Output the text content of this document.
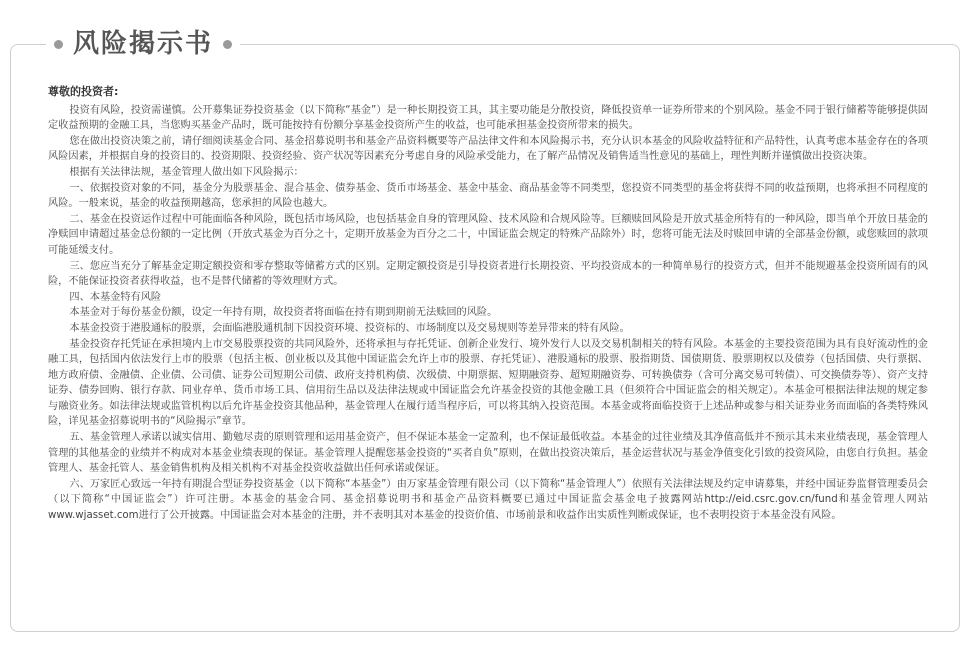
风险揭示书
尊敬的投资者:

投资有风险，投资需谨慎。公开募集证券投资基金（以下简称“基金”）是一种长期投资工具，其主要功能是分散投资，降低投资单一证券所带来的个别风险。基金不同于银行储蓄等能够提供固定收益预期的金融工具，当您购买基金产品时，既可能按持有份额分享基金投资所产生的收益，也可能承担基金投资所带来的损失。

您在做出投资决策之前，请仔细阅读基金合同、基金招募说明书和基金产品资料概要等产品法律文件和本风险揭示书，充分认识本基金的风险收益特征和产品特性，认真考虑本基金存在的各项风险因素，并根据自身的投资目的、投资期限、投资经验、资产状况等因素充分考虑自身的风险承受能力，在了解产品情况及销售适当性意见的基础上，理性判断并谨慎做出投资决策。

根据有关法律法规，基金管理人做出如下风险揭示：

一、依据投资对象的不同，基金分为股票基金、混合基金、债券基金、货币市场基金、基金中基金、商品基金等不同类型，您投资不同类型的基金将获得不同的收益预期，也将承担不同程度的风险。一般来说，基金的收益预期越高，您承担的风险也越大。

二、基金在投资运作过程中可能面临各种风险，既包括市场风险，也包括基金自身的管理风险、技术风险和合规风险等。巨额赎回风险是开放式基金所特有的一种风险，即当单个开放日基金的净赎回申请超过基金总份额的一定比例（开放式基金为百分之十，定期开放基金为百分之二十，中国证监会规定的特殊产品除外）时，您将可能无法及时赎回申请的全部基金份额，或您赎回的款项可能延缓支付。

三、您应当充分了解基金定期定额投资和零存整取等储蓄方式的区别。定期定额投资是引导投资者进行长期投资、平均投资成本的一种简单易行的投资方式，但并不能规避基金投资所固有的风险，不能保证投资者获得收益，也不是替代储蓄的等效理财方式。

四、本基金特有风险

本基金对于每份基金份额，设定一年持有期，故投资者将面临在持有期到期前无法赎回的风险。

本基金投资于港股通标的股票，会面临港股通机制下因投资环境、投资标的、市场制度以及交易规则等差异带来的特有风险。

基金投资存托凭证在承担境内上市交易股票投资的共同风险外，还将承担与存托凭证、创新企业发行、境外发行人以及交易机制相关的特有风险。本基金的主要投资范围为具有良好流动性的金融工具，包括国内依法发行上市的股票（包括主板、创业板以及其他中国证监会允许上市的股票、存托凭证）、港股通标的股票、股指期货、国债期货、股票期权以及债券（包括国债、央行票据、地方政府债、金融债、企业债、公司债、证券公司短期公司债、政府支持机构债、次级债、中期票据、短期融资券、超短期融资券、可转换债券（含可分离交易可转债）、可交换债券等）、资产支持证券、债券回购、银行存款、同业存单、货币市场工具、信用衍生品以及法律法规或中国证监会允许基金投资的其他金融工具（但须符合中国证监会的相关规定）。本基金可根据法律法规的规定参与融资业务。如法律法规或监管机构以后允许基金投资其他品种，基金管理人在履行适当程序后，可以将其纳入投资范围。本基金或将面临投资于上述品种或参与相关证券业务而面临的各类特殊风险，详见基金招募说明书的“风险揭示”章节。

五、基金管理人承诺以诚实信用、勤勉尽责的原则管理和运用基金资产，但不保证本基金一定盈利，也不保证最低收益。本基金的过往业绩及其净值高低并不预示其未来业绩表现，基金管理人管理的其他基金的业绩并不构成对本基金业绩表现的保证。基金管理人提醒您基金投资的“买者自负”原则，在做出投资决策后，基金运营状况与基金净值变化引致的投资风险，由您自行负担。基金管理人、基金托管人、基金销售机构及相关机构不对基金投资收益做出任何承诺或保证。

六、万家匠心致远一年持有期混合型证券投资基金（以下简称“本基金”）由万家基金管理有限公司（以下简称“基金管理人”）依照有关法律法规及约定申请募集，并经中国证券监督管理委员会（以下简称“中国证监会”）许可注册。本基金的基金合同、基金招募说明书和基金产品资料概要已通过中国证监会基金电子披露网站http://eid.csrc.gov.cn/fund和基金管理人网站www.wjasset.com进行了公开披露。中国证监会对本基金的注册，并不表明其对本基金的投资价值、市场前景和收益作出实质性判断或保证，也不表明投资于本基金没有风险。
